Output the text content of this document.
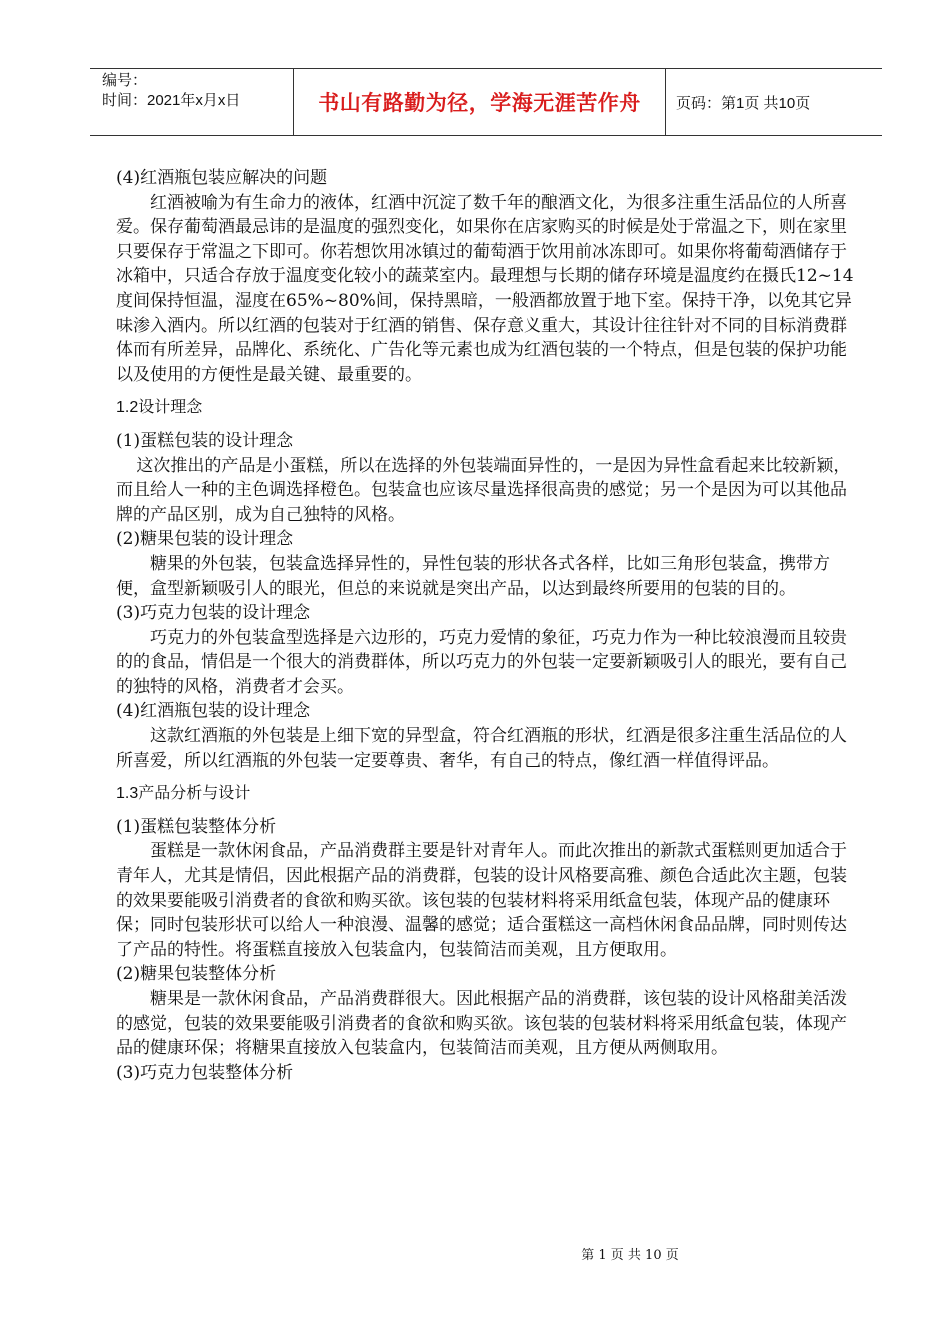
编号：
时间：2021年x月x日	书山有路勤为径，学海无涯苦作舟	页码：第1页 共10页

(4)红酒瓶包装应解决的问题

红酒被喻为有生命力的液体，红酒中沉淀了数千年的酿酒文化，为很多注重生活品位的人所喜爱。保存葡萄酒最忌讳的是温度的强烈变化，如果你在店家购买的时候是处于常温之下，则在家里只要保存于常温之下即可。你若想饮用冰镇过的葡萄酒于饮用前冰冻即可。如果你将葡萄酒储存于冰箱中，只适合存放于温度变化较小的蔬菜室内。最理想与长期的储存环境是温度约在摄氏12~14度间保持恒温，湿度在65%~80%间，保持黑暗，一般酒都放置于地下室。保持干净，以免其它异味渗入酒内。所以红酒的包装对于红酒的销售、保存意义重大，其设计往往针对不同的目标消费群体而有所差异，品牌化、系统化、广告化等元素也成为红酒包装的一个特点，但是包装的保护功能以及使用的方便性是最关键、最重要的。

1.2设计理念

(1)蛋糕包装的设计理念

这次推出的产品是小蛋糕，所以在选择的外包装端面异性的，一是因为异性盒看起来比较新颖，而且给人一种的主色调选择橙色。包装盒也应该尽量选择很高贵的感觉；另一个是因为可以其他品牌的产品区别，成为自己独特的风格。

(2)糖果包装的设计理念

糖果的外包装，包装盒选择异性的，异性包装的形状各式各样，比如三角形包装盒，携带方便，盒型新颖吸引人的眼光，但总的来说就是突出产品，以达到最终所要用的包装的目的。

(3)巧克力包装的设计理念

巧克力的外包装盒型选择是六边形的，巧克力爱情的象征，巧克力作为一种比较浪漫而且较贵的的食品，情侣是一个很大的消费群体，所以巧克力的外包装一定要新颖吸引人的眼光，要有自己的独特的风格，消费者才会买。

(4)红酒瓶包装的设计理念

这款红酒瓶的外包装是上细下宽的异型盒，符合红酒瓶的形状，红酒是很多注重生活品位的人所喜爱，所以红酒瓶的外包装一定要尊贵、奢华，有自己的特点，像红酒一样值得评品。

1.3产品分析与设计

(1)蛋糕包装整体分析

蛋糕是一款休闲食品，产品消费群主要是针对青年人。而此次推出的新款式蛋糕则更加适合于青年人，尤其是情侣，因此根据产品的消费群，包装的设计风格要高雅、颜色合适此次主题，包装的效果要能吸引消费者的食欲和购买欲。该包装的包装材料将采用纸盒包装，体现产品的健康环保；同时包装形状可以给人一种浪漫、温馨的感觉；适合蛋糕这一高档休闲食品品牌，同时则传达了产品的特性。将蛋糕直接放入包装盒内，包装简洁而美观，且方便取用。

(2)糖果包装整体分析

糖果是一款休闲食品，产品消费群很大。因此根据产品的消费群，该包装的设计风格甜美活泼的感觉，包装的效果要能吸引消费者的食欲和购买欲。该包装的包装材料将采用纸盒包装，体现产品的健康环保；将糖果直接放入包装盒内，包装简洁而美观，且方便从两侧取用。

(3)巧克力包装整体分析

第 1 页 共 10 页
